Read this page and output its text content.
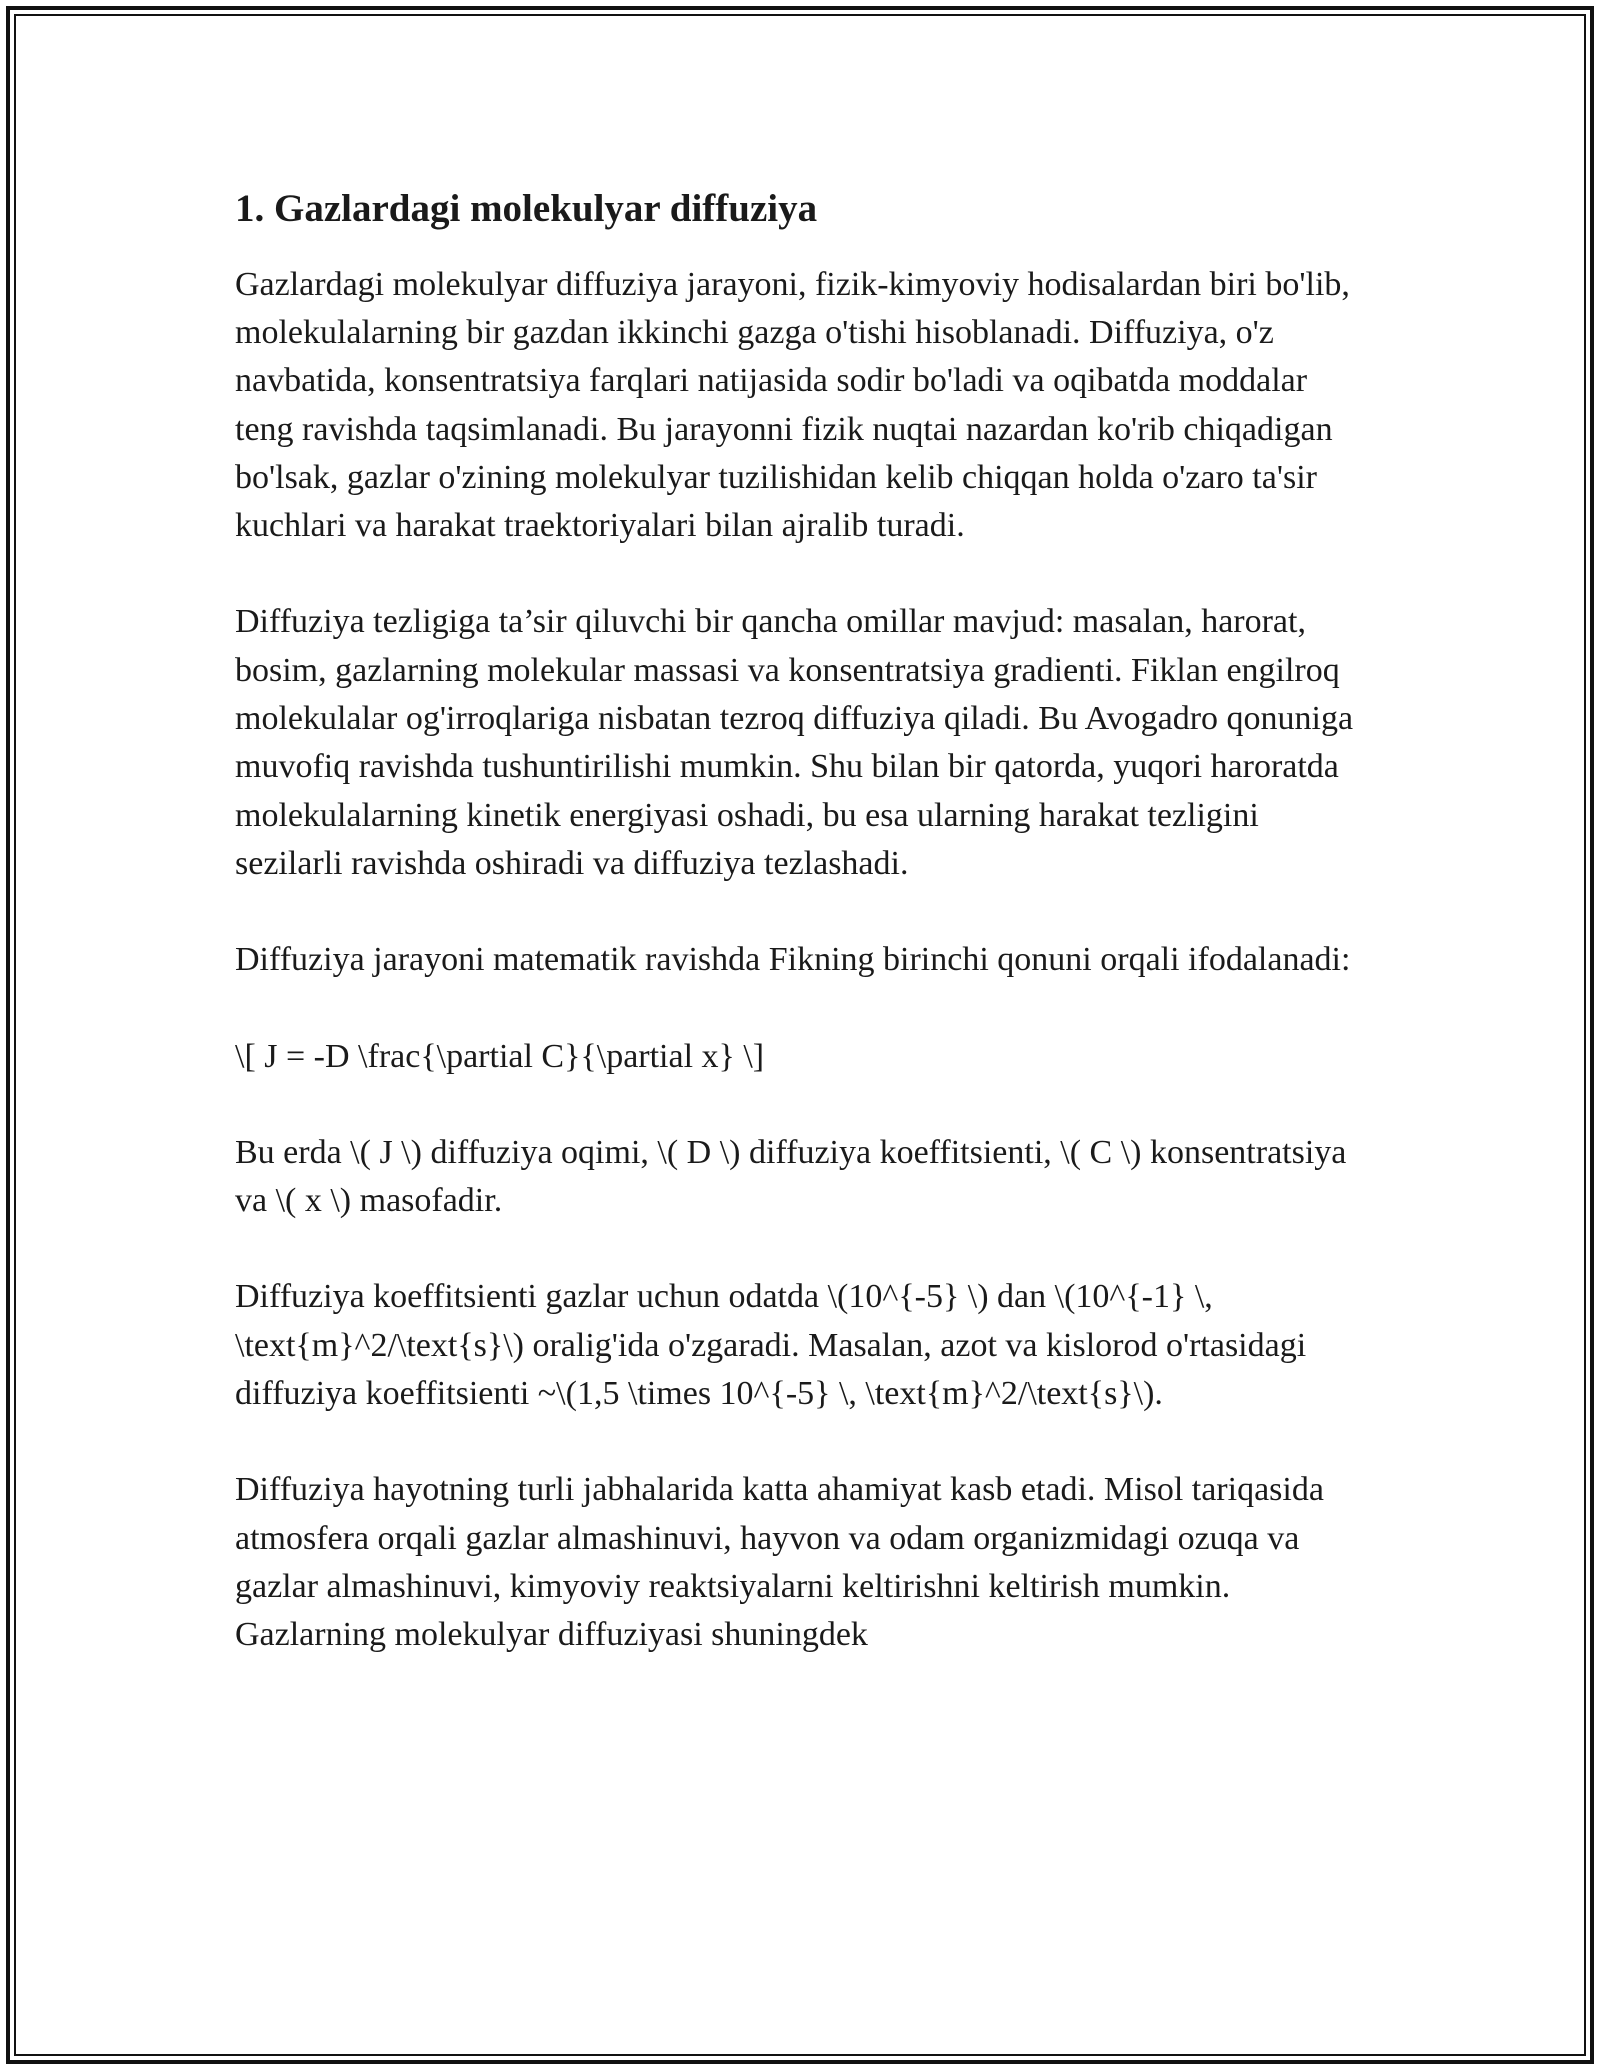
1. Gazlardagi molekulyar diffuziya

Gazlardagi molekulyar diffuziya jarayoni, fizik-kimyoviy hodisalardan biri bo'lib, molekulalarning bir gazdan ikkinchi gazga o'tishi hisoblanadi. Diffuziya, o'z navbatida, konsentratsiya farqlari natijasida sodir bo'ladi va oqibatda moddalar teng ravishda taqsimlanadi. Bu jarayonni fizik nuqtai nazardan ko'rib chiqadigan bo'lsak, gazlar o'zining molekulyar tuzilishidan kelib chiqqan holda o'zaro ta'sir kuchlari va harakat traektoriyalari bilan ajralib turadi.

Diffuziya tezligiga ta’sir qiluvchi bir qancha omillar mavjud: masalan, harorat, bosim, gazlarning molekular massasi va konsentratsiya gradienti. Fiklan engilroq molekulalar og'irroqlariga nisbatan tezroq diffuziya qiladi. Bu Avogadro qonuniga muvofiq ravishda tushuntirilishi mumkin. Shu bilan bir qatorda, yuqori haroratda molekulalarning kinetik energiyasi oshadi, bu esa ularning harakat tezligini sezilarli ravishda oshiradi va diffuziya tezlashadi.

Diffuziya jarayoni matematik ravishda Fikning birinchi qonuni orqali ifodalanadi:

\[ J = -D \frac{\partial C}{\partial x} \]

Bu erda \( J \) diffuziya oqimi, \( D \) diffuziya koeffitsienti, \( C \) konsentratsiya va \( x \) masofadir.

Diffuziya koeffitsienti gazlar uchun odatda \(10^{-5} \) dan \(10^{-1} \, \text{m}^2/\text{s}\) oralig'ida o'zgaradi. Masalan, azot va kislorod o'rtasidagi diffuziya koeffitsienti ~\(1,5 \times 10^{-5} \, \text{m}^2/\text{s}\).

Diffuziya hayotning turli jabhalarida katta ahamiyat kasb etadi. Misol tariqasida atmosfera orqali gazlar almashinuvi, hayvon va odam organizmidagi ozuqa va gazlar almashinuvi, kimyoviy reaktsiyalarni keltirishni keltirish mumkin. Gazlarning molekulyar diffuziyasi shuningdek
